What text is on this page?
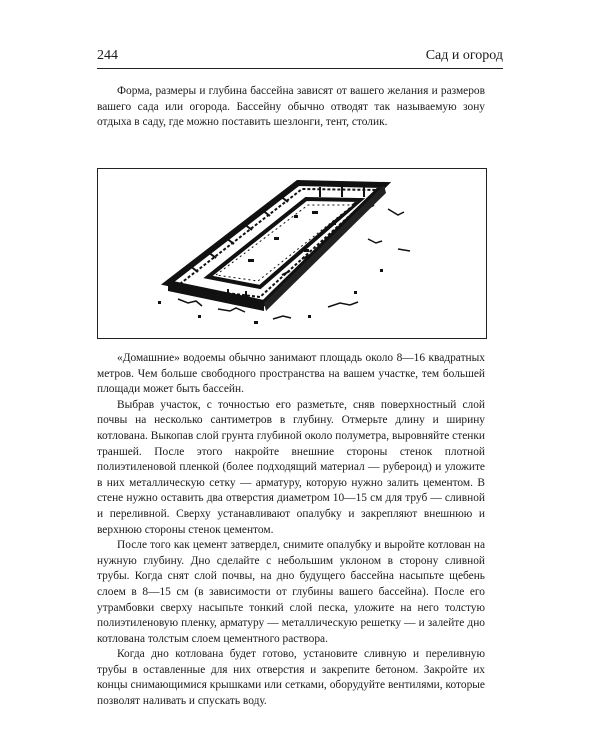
244	Сад и огород

Форма, размеры и глубина бассейна зависят от вашего желания и размеров вашего сада или огорода. Бассейну обычно отводят так называемую зону отдыха в саду, где можно поставить шезлонги, тент, столик.

«Домашние» водоемы обычно занимают площадь около 8—16 квадратных метров. Чем больше свободного пространства на вашем участке, тем большей площади может быть бассейн.

Выбрав участок, с точностью его разметьте, сняв поверхностный слой почвы на несколько сантиметров в глубину. Отмерьте длину и ширину котлована. Выкопав слой грунта глубиной около полуметра, выровняйте стенки траншей. После этого накройте внешние стороны стенок плотной полиэтиленовой пленкой (более подходящий материал — рубероид) и уложите в них металлическую сетку — арматуру, которую нужно залить цементом. В стене нужно оставить два отверстия диаметром 10—15 см для труб — сливной и переливной. Сверху устанавливают опалубку и закрепляют внешнюю и верхнюю стороны стенок цементом.

После того как цемент затвердел, снимите опалубку и выройте котлован на нужную глубину. Дно сделайте с небольшим уклоном в сторону сливной трубы. Когда снят слой почвы, на дно будущего бассейна насыпьте щебень слоем в 8—15 см (в зависимости от глубины вашего бассейна). После его утрамбовки сверху насыпьте тонкий слой песка, уложите на него толстую полиэтиленовую пленку, арматуру — металлическую решетку — и залейте дно котлована толстым слоем цементного раствора.

Когда дно котлована будет готово, установите сливную и переливную трубы в оставленные для них отверстия и закрепите бетоном. Закройте их концы снимающимися крышками или сетками, оборудуйте вентилями, которые позволят наливать и спускать воду.
